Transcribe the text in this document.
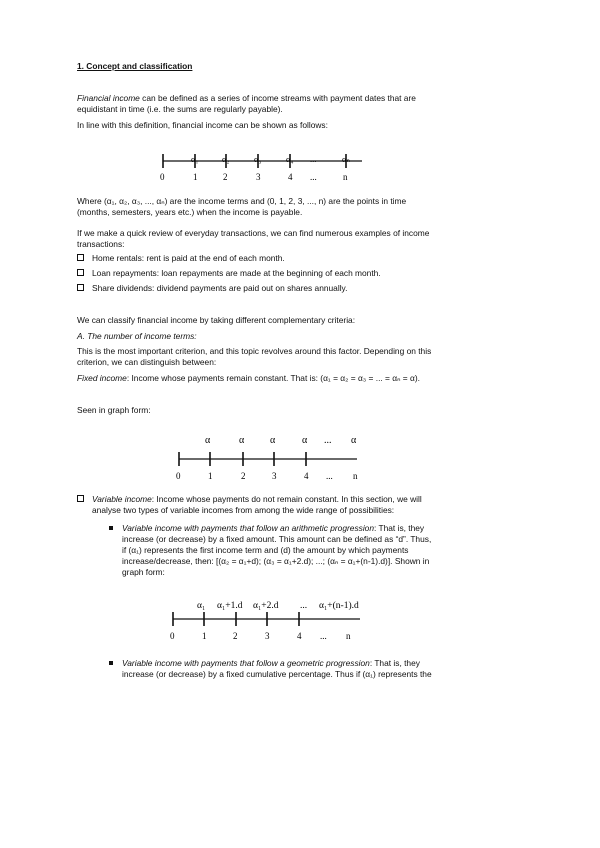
1. Concept and classification
Financial income can be defined as a series of income streams with payment dates that are
equidistant in time (i.e. the sums are regularly payable).
In line with this definition, financial income can be shown as follows:
α₁	α₂	α₃	α₄ ...	αₙ
0	1	2	3	4 ...	n
Where (α₁, α₂, α₃, ..., αₙ) are the income terms and (0, 1, 2, 3, ..., n) are the points in time
(months, semesters, years etc.) when the income is payable.
If we make a quick review of everyday transactions, we can find numerous examples of income
transactions:
Home rentals: rent is paid at the end of each month.
Loan repayments: loan repayments are made at the beginning of each month.
Share dividends: dividend payments are paid out on shares annually.
We can classify financial income by taking different complementary criteria:
A. The number of income terms:
This is the most important criterion, and this topic revolves around this factor. Depending on this
criterion, we can distinguish between:
Fixed income: Income whose payments remain constant. That is: (α₁ = α₂ = α₃ = ... = αₙ = α).
Seen in graph form:
α	α	α	α ... α
0	1	2	3	4 ... n
Variable income: Income whose payments do not remain constant. In this section, we will
analyse two types of variable incomes from among the wide range of possibilities:
Variable income with payments that follow an arithmetic progression: That is, they
increase (or decrease) by a fixed amount. This amount can be defined as “d”. Thus,
if (α₁) represents the first income term and (d) the amount by which payments
increase/decrease, then: [(α₂ = α₁+d); (α₃ = α₁+2.d); ...; (αₙ = α₁+(n-1).d)]. Shown in
graph form:
α₁ α₁+1.d α₁+2.d ... α₁+(n-1).d
0	1	2	3	4 ... n
Variable income with payments that follow a geometric progression: That is, they
increase (or decrease) by a fixed cumulative percentage. Thus if (α₁) represents the
